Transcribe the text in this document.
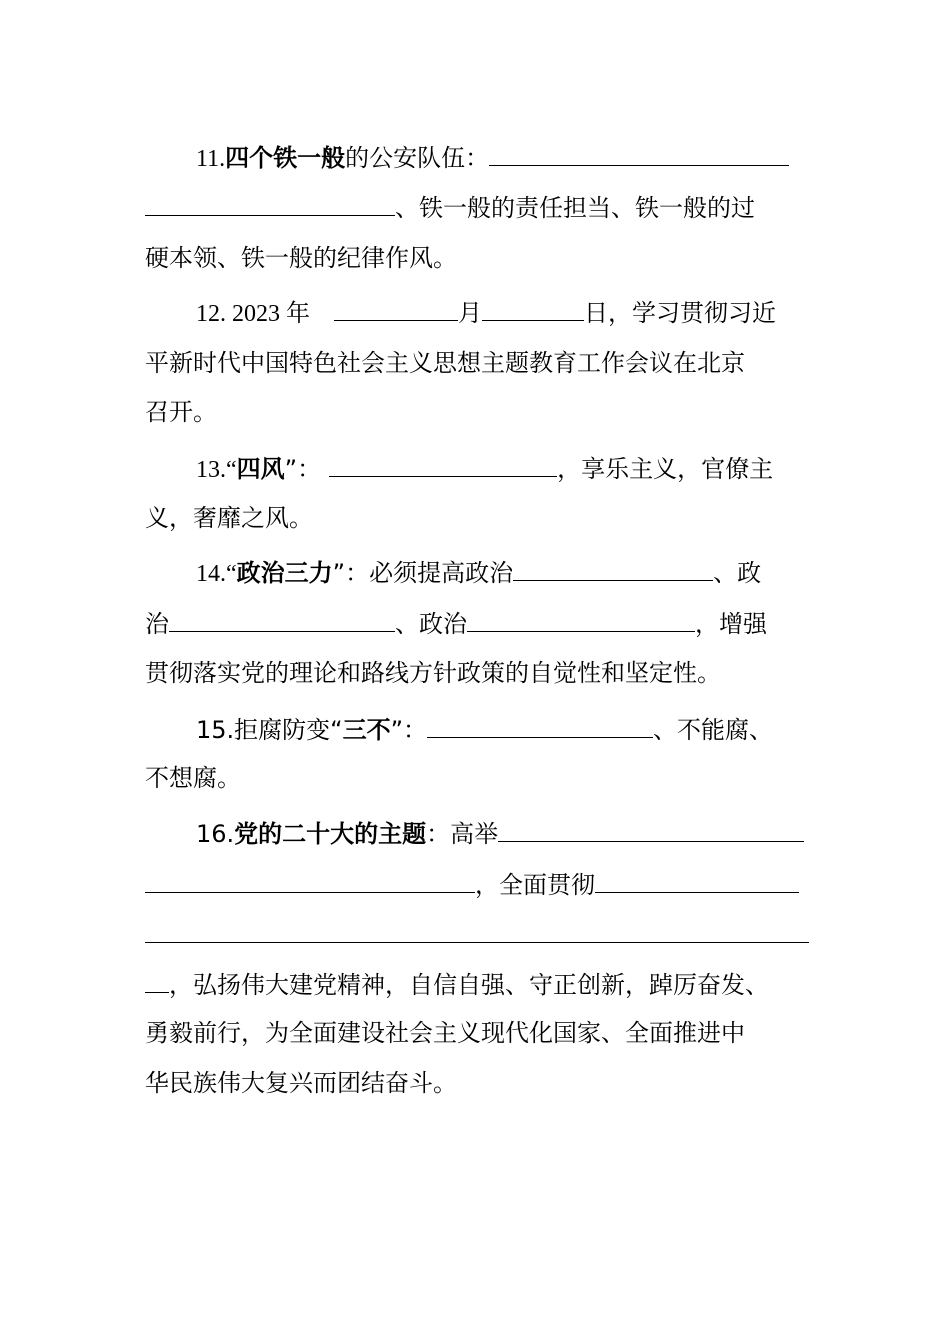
11.四个铁一般的公安队伍：
、铁一般的责任担当、铁一般的过
硬本领、铁一般的纪律作风。
12. 2023 年	月	日，学习贯彻习近
平新时代中国特色社会主义思想主题教育工作会议在北京
召开。
13.“四风”：	，享乐主义，官僚主
义，奢靡之风。
14.“政治三力”：必须提高政治	、政
治	、政治	，增强
贯彻落实党的理论和路线方针政策的自觉性和坚定性。
15.拒腐防变“三不”：	、不能腐、
不想腐。
16.党的二十大的主题：高举
，全面贯彻
，弘扬伟大建党精神，自信自强、守正创新，踔厉奋发、
勇毅前行，为全面建设社会主义现代化国家、全面推进中
华民族伟大复兴而团结奋斗。
